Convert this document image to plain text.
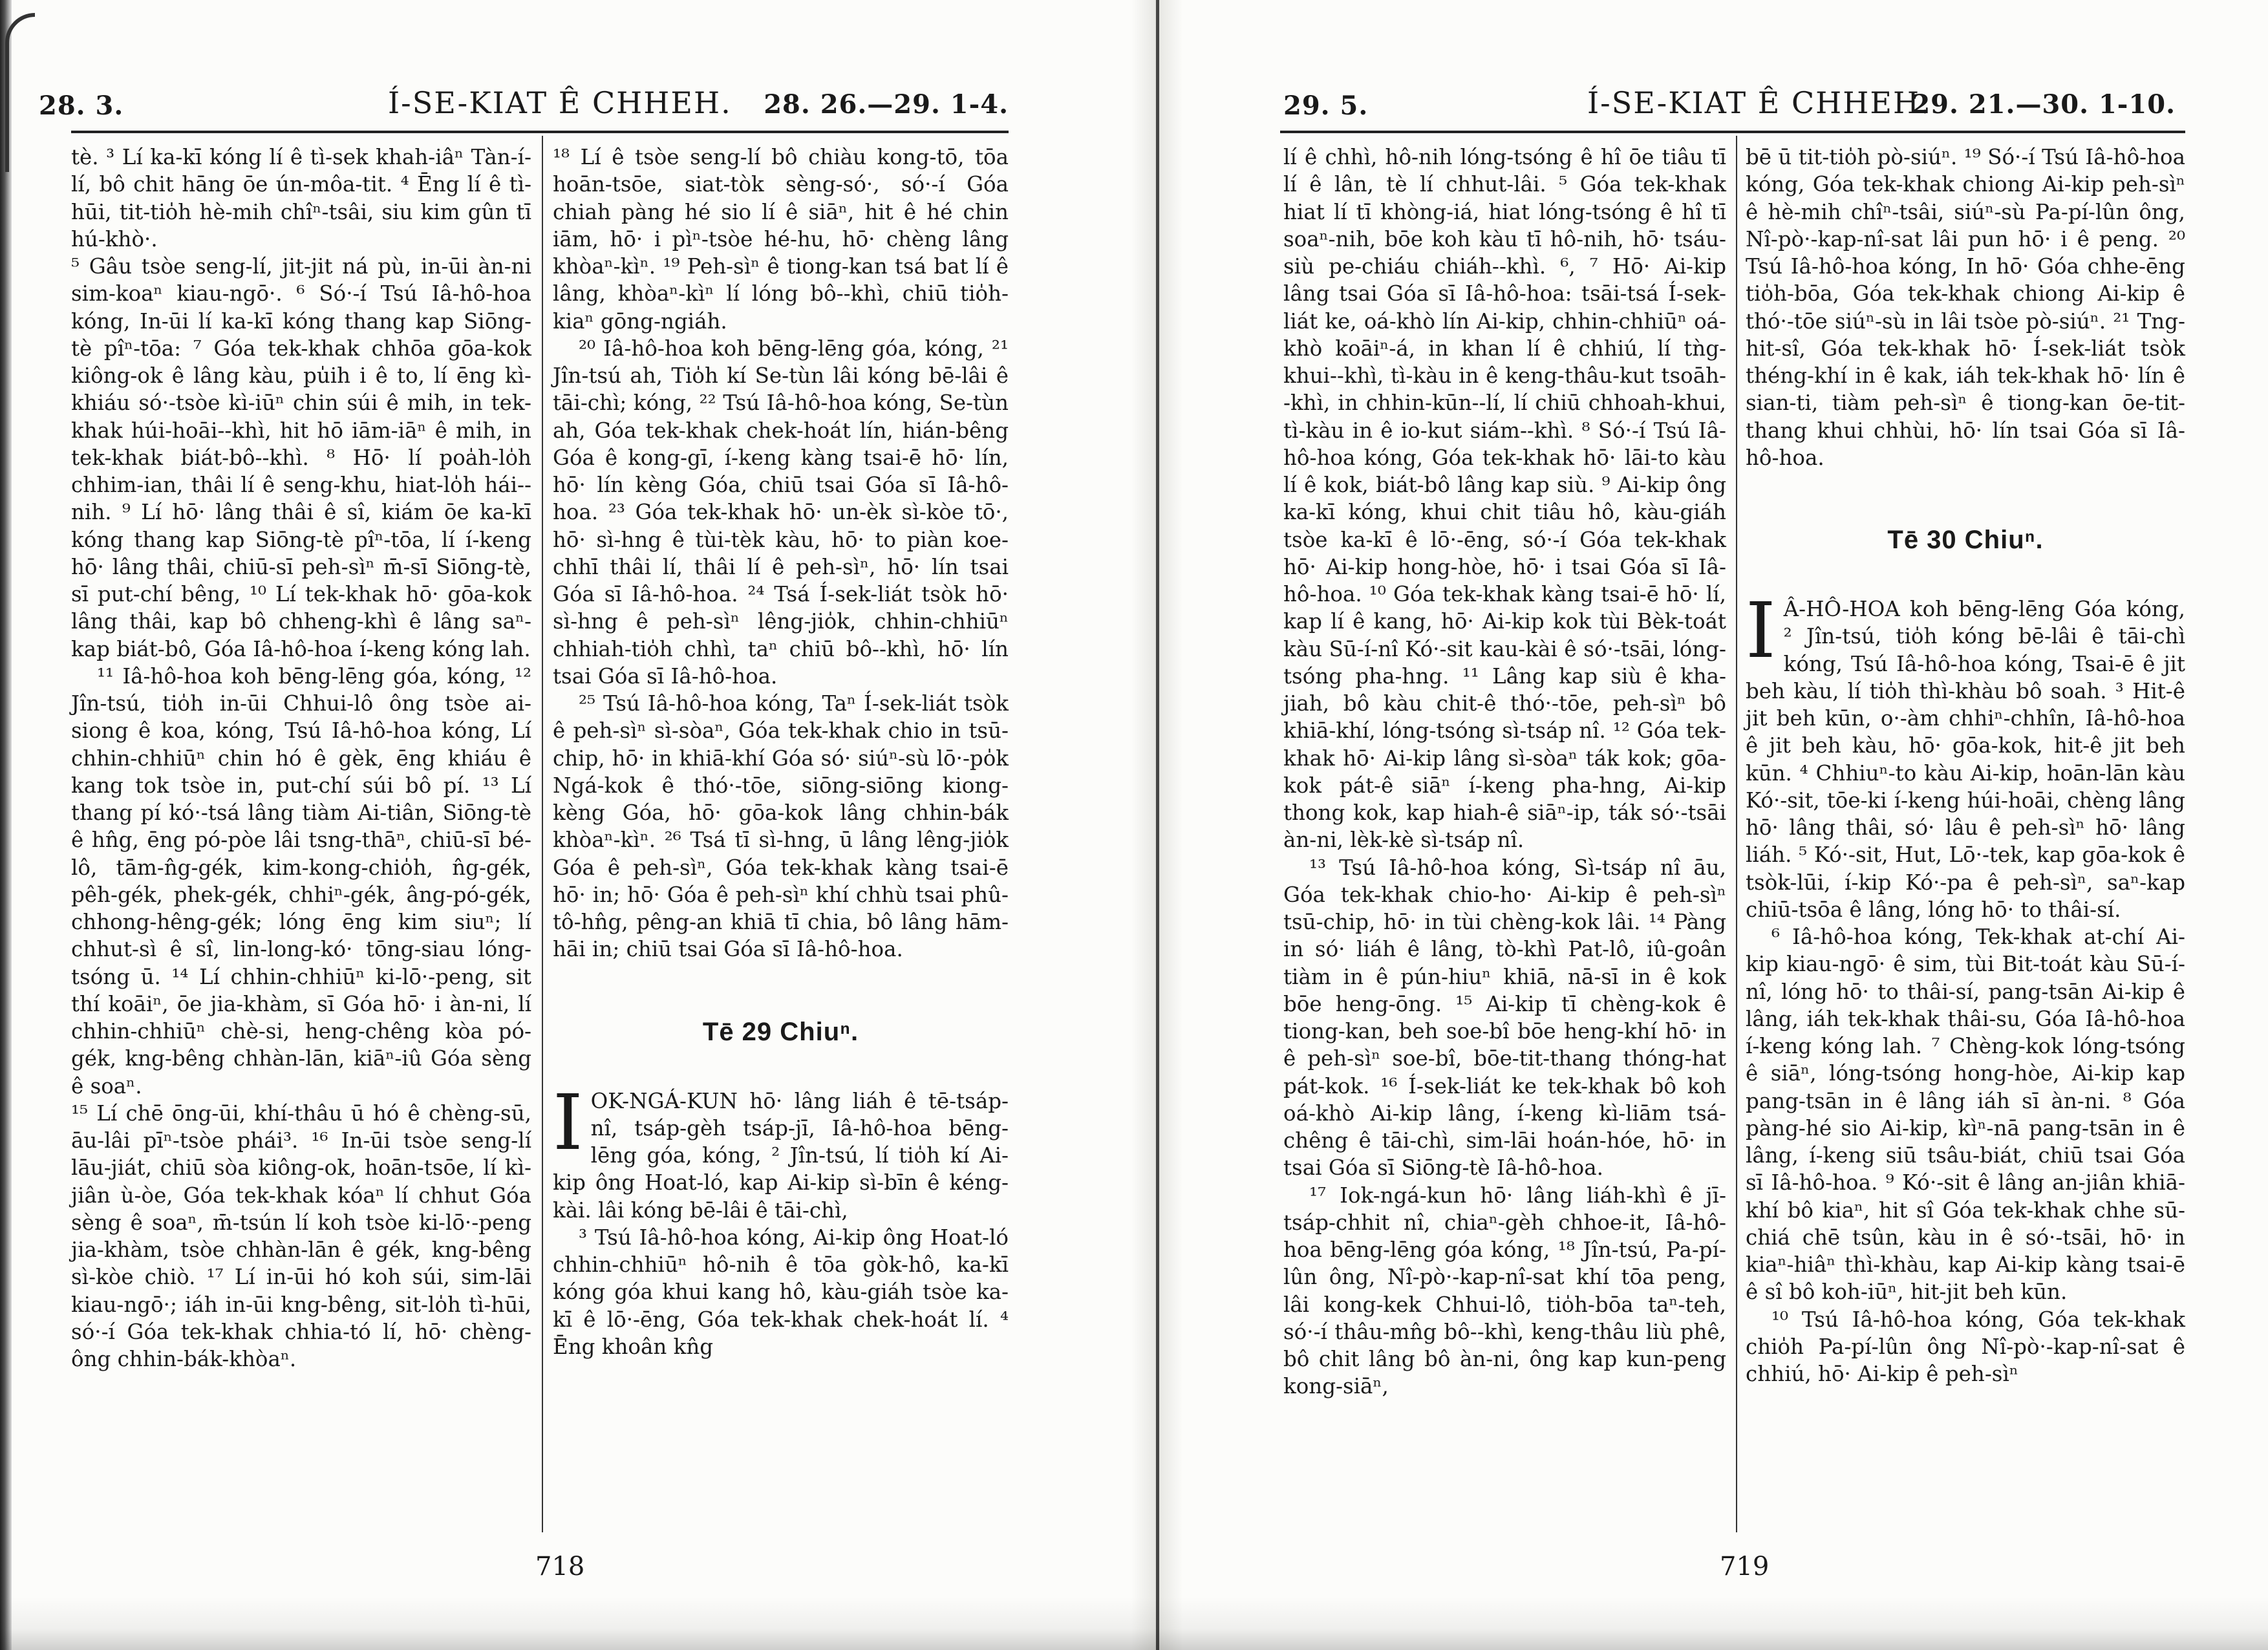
28. 3.	Í-SE-KIAT Ê CHHEH. 28. 26.—29. 1-4.

tè. ³ Lí ka-kī kóng lí ê tì-sek khah-iâⁿ Tàn-í-lí, bô chit hāng ōe ún-môa-tit. ⁴ Ēng lí ê tì-hūi, tit-tio̍h hè-mih chîⁿ-tsâi, siu kim gûn tī hú-khò·.

⁵ Gâu tsòe seng-lí, jit-jit ná pù, in-ūi àn-ni sim-koaⁿ kiau-ngō·. ⁶ Só·-í Tsú Iâ-hô-hoa kóng, In-ūi lí ka-kī kóng thang kap Siōng-tè pîⁿ-tōa: ⁷ Góa tek-khak chhōa gōa-kok kiông-ok ê lâng kàu, pu̍ih i ê to, lí ēng kì-khiáu só·-tsòe kì-iūⁿ chin súi ê mi̍h, in tek-khak húi-hoāi--khì, hit hō iām-iāⁿ ê mi̍h, in tek-khak biát-bô--khì. ⁸ Hō· lí poa̍h-lo̍h chhim-ian, thâi lí ê seng-khu, hiat-lo̍h hái--nih. ⁹ Lí hō· lâng thâi ê sî, kiám ōe ka-kī kóng thang kap Siōng-tè pîⁿ-tōa, lí í-keng hō· lâng thâi, chiū-sī peh-sìⁿ m̄-sī Siōng-tè, sī put-chí bêng, ¹⁰ Lí tek-khak hō· gōa-kok lâng thâi, kap bô chheng-khì ê lâng saⁿ-kap biát-bô, Góa Iâ-hô-hoa í-keng kóng lah.

¹¹ Iâ-hô-hoa koh bēng-lēng góa, kóng, ¹² Jîn-tsú, tio̍h in-ūi Chhui-lô ông tsòe ai-siong ê koa, kóng, Tsú Iâ-hô-hoa kóng, Lí chhin-chhiūⁿ chin hó ê gèk, ēng khiáu ê kang tok tsòe in, put-chí súi bô pí. ¹³ Lí thang pí kó·-tsá lâng tiàm Ai-tiân, Siōng-tè ê hn̂g, ēng pó-pòe lâi tsng-thāⁿ, chiū-sī bé-lô, tām-n̂g-gék, kim-kong-chio̍h, n̂g-gék, pêh-gék, phek-gék, chhiⁿ-gék, âng-pó-gék, chhong-hêng-gék; lóng ēng kim siuⁿ; lí chhut-sì ê sî, lin-long-kó· tōng-siau lóng-tsóng ū. ¹⁴ Lí chhin-chhiūⁿ ki-lō·-peng, sit thí koāiⁿ, ōe jia-khàm, sī Góa hō· i àn-ni, lí chhin-chhiūⁿ chè-si, heng-chêng kòa pó-gék, kng-bêng chhàn-lān, kiāⁿ-iû Góa sèng ê soaⁿ.

¹⁵ Lí chē ōng-ūi, khí-thâu ū hó ê chèng-sū, āu-lâi pīⁿ-tsòe phái³. ¹⁶ In-ūi tsòe seng-lí lāu-jiát, chiū sòa kiông-ok, hoān-tsōe, lí kì-jiân ù-òe, Góa tek-khak kóaⁿ lí chhut Góa sèng ê soaⁿ, m̄-tsún lí koh tsòe ki-lō·-peng jia-khàm, tsòe chhàn-lān ê gék, kng-bêng sì-kòe chiò. ¹⁷ Lí in-ūi hó koh súi, sim-lāi kiau-ngō·; iáh in-ūi kng-bêng, sit-lo̍h tì-hūi, só·-í Góa tek-khak chhia-tó lí, hō· chèng-ông chhin-bák-khòaⁿ.

¹⁸ Lí ê tsòe seng-lí bô chiàu kong-tō, tōa hoān-tsōe, siat-tòk sèng-só·, só·-í Góa chiah pàng hé sio lí ê siāⁿ, hit ê hé chin iām, hō· i pìⁿ-tsòe hé-hu, hō· chèng lâng khòaⁿ-kìⁿ. ¹⁹ Peh-sìⁿ ê tiong-kan tsá bat lí ê lâng, khòaⁿ-kìⁿ lí lóng bô--khì, chiū tio̍h-kiaⁿ gōng-ngiáh.

²⁰ Iâ-hô-hoa koh bēng-lēng góa, kóng, ²¹ Jîn-tsú ah, Tio̍h kí Se-tùn lâi kóng bē-lâi ê tāi-chì; kóng, ²² Tsú Iâ-hô-hoa kóng, Se-tùn ah, Góa tek-khak chek-hoát lín, hián-bêng Góa ê kong-gī, í-keng kàng tsai-ē hō· lín, hō· lín kèng Góa, chiū tsai Góa sī Iâ-hô-hoa. ²³ Góa tek-khak hō· un-èk sì-kòe tō·, hō· sì-hng ê tùi-tèk kàu, hō· to piàn koe-chhī thâi lí, thâi lí ê peh-sìⁿ, hō· lín tsai Góa sī Iâ-hô-hoa. ²⁴ Tsá Í-sek-liát tsòk hō· sì-hng ê peh-sìⁿ lêng-jio̍k, chhin-chhiūⁿ chhiah-tio̍h chhì, taⁿ chiū bô--khì, hō· lín tsai Góa sī Iâ-hô-hoa.

²⁵ Tsú Iâ-hô-hoa kóng, Taⁿ Í-sek-liát tsòk ê peh-sìⁿ sì-sòaⁿ, Góa tek-khak chio in tsū-chip, hō· in khiā-khí Góa só· siúⁿ-sù lō·-po̍k Ngá-kok ê thó·-tōe, siōng-siōng kiong-kèng Góa, hō· gōa-kok lâng chhin-bák khòaⁿ-kìⁿ. ²⁶ Tsá tī sì-hng, ū lâng lêng-jio̍k Góa ê peh-sìⁿ, Góa tek-khak kàng tsai-ē hō· in; hō· Góa ê peh-sìⁿ khí chhù tsai phû-tô-hn̂g, pêng-an khiā tī chia, bô lâng hām-hāi in; chiū tsai Góa sī Iâ-hô-hoa.

Tē 29 Chiuⁿ.
I OK-NGÁ-KUN hō· lâng liáh ê tē-tsáp-nî, tsáp-gèh tsáp-jī, Iâ-hô-hoa bēng-lēng góa, kóng, ² Jîn-tsú, lí tio̍h kí Ai-kip ông Hoat-ló, kap Ai-kip sì-bīn ê kéng-kài. lâi kóng bē-lâi ê tāi-chì,

³ Tsú Iâ-hô-hoa kóng, Ai-kip ông Hoat-ló chhin-chhiūⁿ hô-nih ê tōa gòk-hô, ka-kī kóng góa khui kang hô, kàu-giáh tsòe ka-kī ê lō·-ēng, Góa tek-khak chek-hoát lí. ⁴ Ēng khoân kn̂g

718
29. 5.	Í-SE-KIAT Ê CHHEH.
29. 21.—30. 1-10.

lí ê chhì, hô-nih lóng-tsóng ê hî ōe tiâu tī lí ê lân, tè lí chhut-lâi. ⁵ Góa tek-khak hiat lí tī khòng-iá, hiat lóng-tsóng ê hî tī soaⁿ-nih, bōe koh kàu tī hô-nih, hō· tsáu-siù pe-chiáu chiáh--khì. ⁶, ⁷ Hō· Ai-kip lâng tsai Góa sī Iâ-hô-hoa: tsāi-tsá Í-sek-liát ke, oá-khò lín Ai-kip, chhin-chhiūⁿ oá-khò koāiⁿ-á, in khan lí ê chhiú, lí tǹg-khui--khì, tì-kàu in ê keng-thâu-kut tsoāh--khì, in chhin-kūn--lí, lí chiū chhoah-khui, tì-kàu in ê io-kut siám--khì. ⁸ Só·-í Tsú Iâ-hô-hoa kóng, Góa tek-khak hō· lāi-to kàu lí ê kok, biát-bô lâng kap siù. ⁹ Ai-kip ông ka-kī kóng, khui chit tiâu hô, kàu-giáh tsòe ka-kī ê lō·-ēng, só·-í Góa tek-khak hō· Ai-kip hong-hòe, hō· i tsai Góa sī Iâ-hô-hoa. ¹⁰ Góa tek-khak kàng tsai-ē hō· lí, kap lí ê kang, hō· Ai-kip kok tùi Bèk-toát kàu Sū-í-nî Kó·-sit kau-kài ê só·-tsāi, lóng-tsóng pha-hng. ¹¹ Lâng kap siù ê kha-jiah, bô kàu chit-ê thó·-tōe, peh-sìⁿ bô khiā-khí, lóng-tsóng sì-tsáp nî. ¹² Góa tek-khak hō· Ai-kip lâng sì-sòaⁿ ták kok; gōa-kok pát-ê siāⁿ í-keng pha-hng, Ai-kip thong kok, kap hiah-ê siāⁿ-ip, ták só·-tsāi àn-ni, lèk-kè sì-tsáp nî.

¹³ Tsú Iâ-hô-hoa kóng, Sì-tsáp nî āu, Góa tek-khak chio-ho· Ai-kip ê peh-sìⁿ tsū-chip, hō· in tùi chèng-kok lâi. ¹⁴ Pàng in só· liáh ê lâng, tò-khì Pat-lô, iû-goân tiàm in ê pún-hiuⁿ khiā, nā-sī in ê kok bōe heng-ōng. ¹⁵ Ai-kip tī chèng-kok ê tiong-kan, beh soe-bî bōe heng-khí hō· in ê peh-sìⁿ soe-bî, bōe-tit-thang thóng-hat pát-kok. ¹⁶ Í-sek-liát ke tek-khak bô koh oá-khò Ai-kip lâng, í-keng kì-liām tsá-chêng ê tāi-chì, sim-lāi hoán-hóe, hō· in tsai Góa sī Siōng-tè Iâ-hô-hoa.

¹⁷ Iok-ngá-kun hō· lâng liáh-khì ê jī-tsáp-chhit nî, chiaⁿ-gèh chhoe-it, Iâ-hô-hoa bēng-lēng góa kóng, ¹⁸ Jîn-tsú, Pa-pí-lûn ông, Nî-pò·-kap-nî-sat khí tōa peng, lâi kong-kek Chhui-lô, tio̍h-bōa taⁿ-teh, só·-í thâu-mn̂g bô--khì, keng-thâu liù phê, bô chit lâng bô àn-ni, ông kap kun-peng kong-siāⁿ,

bē ū tit-tio̍h pò-siúⁿ. ¹⁹ Só·-í Tsú Iâ-hô-hoa kóng, Góa tek-khak chiong Ai-kip peh-sìⁿ ê hè-mih chîⁿ-tsâi, siúⁿ-sù Pa-pí-lûn ông, Nî-pò·-kap-nî-sat lâi pun hō· i ê peng. ²⁰ Tsú Iâ-hô-hoa kóng, In hō· Góa chhe-ēng tio̍h-bōa, Góa tek-khak chiong Ai-kip ê thó·-tōe siúⁿ-sù in lâi tsòe pò-siúⁿ. ²¹ Tng-hit-sî, Góa tek-khak hō· Í-sek-liát tsòk théng-khí in ê kak, iáh tek-khak hō· lín ê sian-ti, tiàm peh-sìⁿ ê tiong-kan ōe-tit-thang khui chhùi, hō· lín tsai Góa sī Iâ-hô-hoa.

Tē 30 Chiuⁿ.
I Â-HÔ-HOA koh bēng-lēng Góa kóng, ² Jîn-tsú, tio̍h kóng bē-lâi ê tāi-chì kóng, Tsú Iâ-hô-hoa kóng, Tsai-ē ê jit beh kàu, lí tio̍h thì-khàu bô soah. ³ Hit-ê jit beh kūn, o·-àm chhiⁿ-chhîn, Iâ-hô-hoa ê jit beh kàu, hō· gōa-kok, hit-ê jit beh kūn. ⁴ Chhiuⁿ-to kàu Ai-kip, hoān-lān kàu Kó·-sit, tōe-ki í-keng húi-hoāi, chèng lâng hō· lâng thâi, só· lâu ê peh-sìⁿ hō· lâng liáh. ⁵ Kó·-sit, Hut, Lō·-tek, kap gōa-kok ê tsòk-lūi, í-kip Kó·-pa ê peh-sìⁿ, saⁿ-kap chiū-tsōa ê lâng, lóng hō· to thâi-sí.

⁶ Iâ-hô-hoa kóng, Tek-khak at-chí Ai-kip kiau-ngō· ê sim, tùi Bit-toát kàu Sū-í-nî, lóng hō· to thâi-sí, pang-tsān Ai-kip ê lâng, iáh tek-khak thâi-su, Góa Iâ-hô-hoa í-keng kóng lah. ⁷ Chèng-kok lóng-tsóng ê siāⁿ, lóng-tsóng hong-hòe, Ai-kip kap pang-tsān in ê lâng iáh sī àn-ni. ⁸ Góa pàng-hé sio Ai-kip, kìⁿ-nā pang-tsān in ê lâng, í-keng siū tsâu-biát, chiū tsai Góa sī Iâ-hô-hoa. ⁹ Kó·-sit ê lâng an-jiân khiā-khí bô kiaⁿ, hit sî Góa tek-khak chhe sū-chiá chē tsûn, kàu in ê só·-tsāi, hō· in kiaⁿ-hiâⁿ thì-khàu, kap Ai-kip kàng tsai-ē ê sî bô koh-iūⁿ, hit-jit beh kūn.

¹⁰ Tsú Iâ-hô-hoa kóng, Góa tek-khak chio̍h Pa-pí-lûn ông Nî-pò·-kap-nî-sat ê chhiú, hō· Ai-kip ê peh-sìⁿ

719
